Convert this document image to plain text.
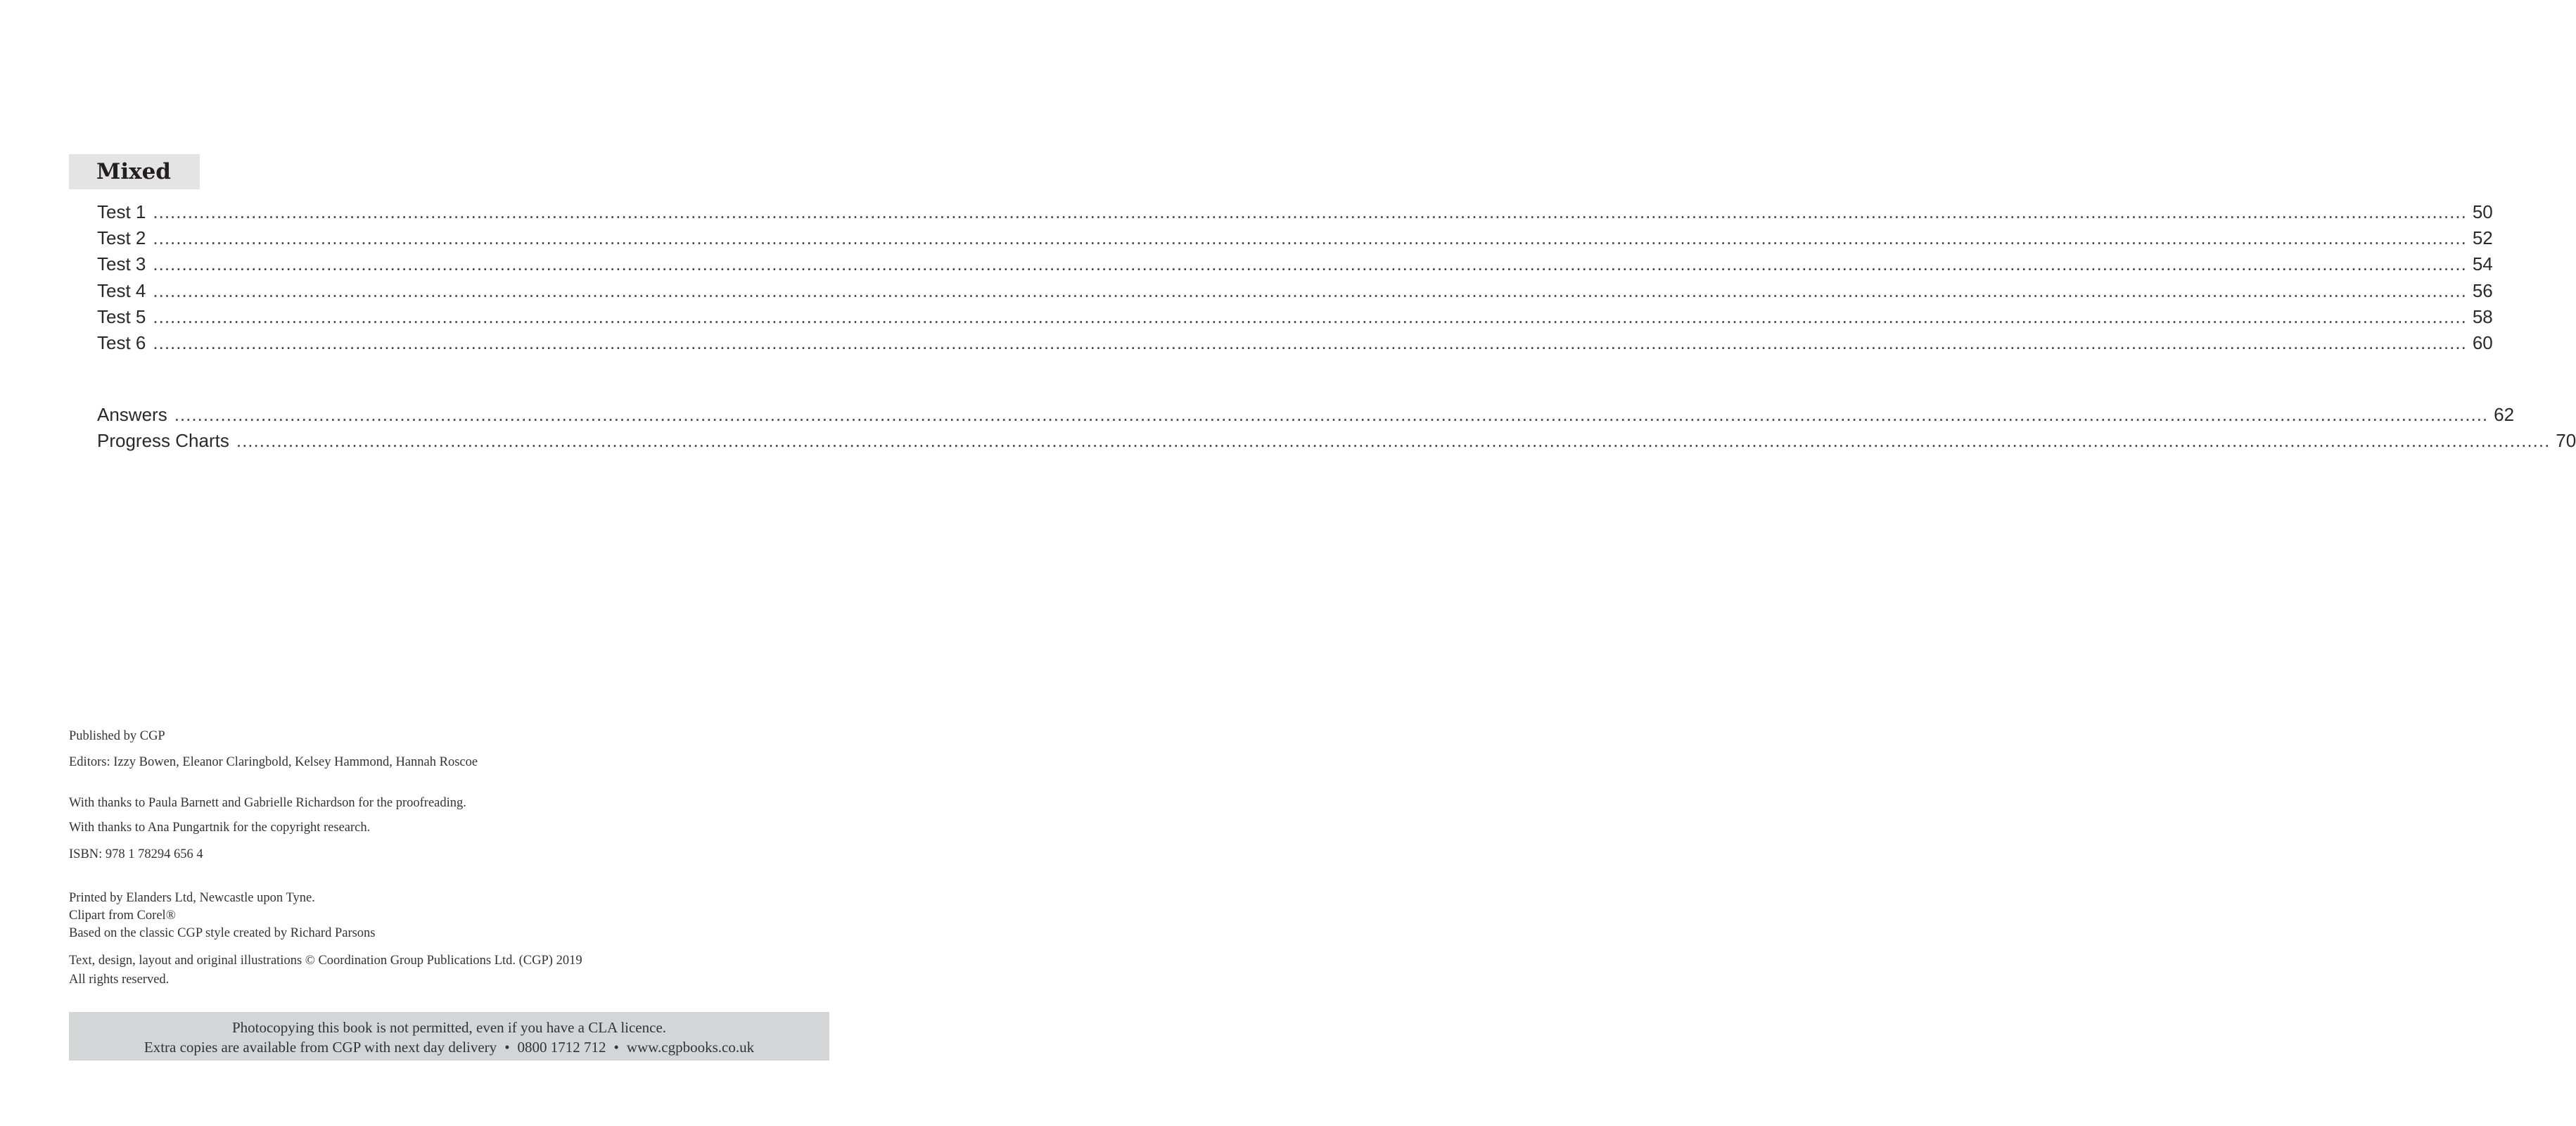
Mixed
Test 1 ................................................................................................................................................................................................................................................................................................................................................................................................................ 50
Test 2 ................................................................................................................................................................................................................................................................................................................................................................................................................ 52
Test 3 ................................................................................................................................................................................................................................................................................................................................................................................................................ 54
Test 4 ................................................................................................................................................................................................................................................................................................................................................................................................................ 56
Test 5 ................................................................................................................................................................................................................................................................................................................................................................................................................ 58
Test 6 ................................................................................................................................................................................................................................................................................................................................................................................................................ 60
Answers ................................................................................................................................................................................................................................................................................................................................................................................................................ 62
Progress Charts ................................................................................................................................................................................................................................................................................................................................................................................................................ 70

Published by CGP

Editors: Izzy Bowen, Eleanor Claringbold, Kelsey Hammond, Hannah Roscoe

With thanks to Paula Barnett and Gabrielle Richardson for the proofreading.

With thanks to Ana Pungartnik for the copyright research.

ISBN: 978 1 78294 656 4

Printed by Elanders Ltd, Newcastle upon Tyne.

Clipart from Corel®

Based on the classic CGP style created by Richard Parsons

Text, design, layout and original illustrations © Coordination Group Publications Ltd. (CGP) 2019

All rights reserved.

Photocopying this book is not permitted, even if you have a CLA licence.
Extra copies are available from CGP with next day delivery • 0800 1712 712 • www.cgpbooks.co.uk
